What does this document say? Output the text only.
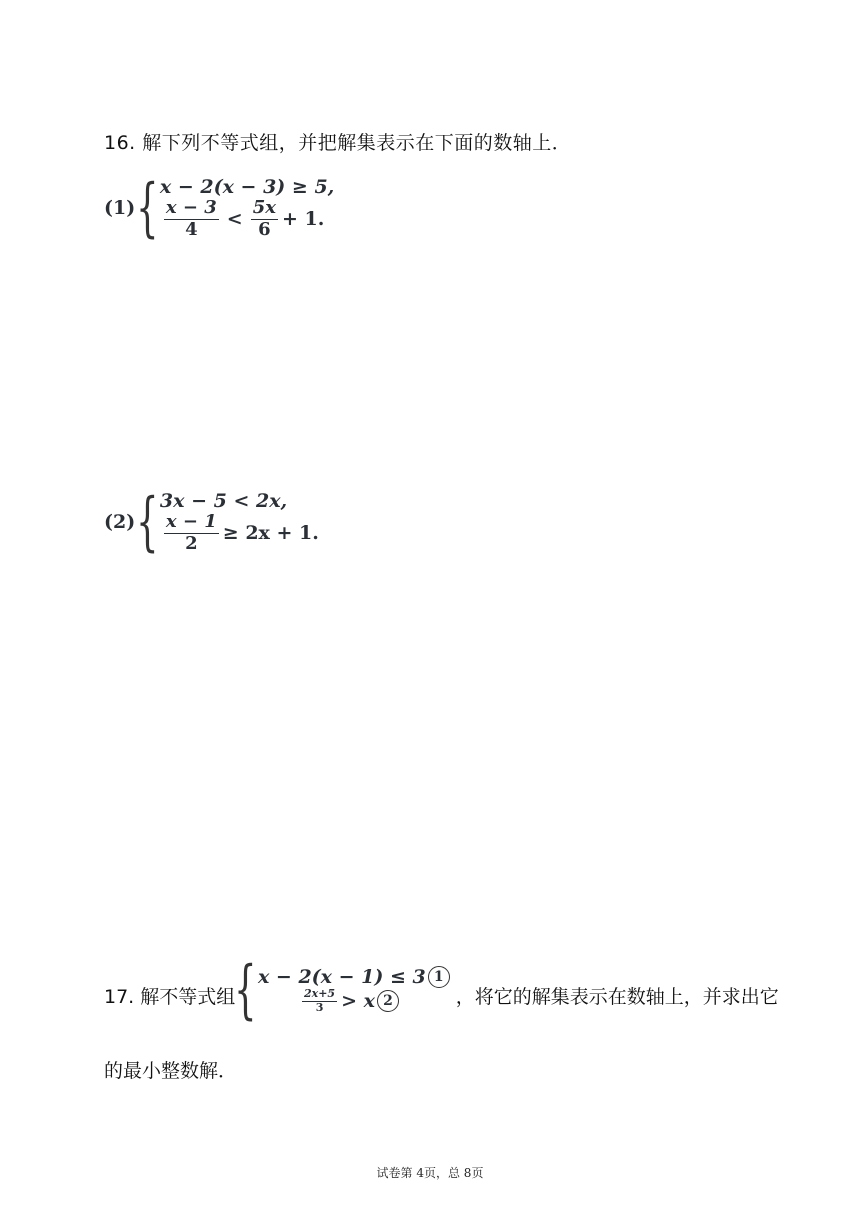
16. 解下列不等式组，并把解集表示在下面的数轴上．
(1) { x − 2(x − 3) ≥ 5,
$\frac{x - 3}{4} < \frac{5x}{6} + 1$.
(2) { 3x − 5 < 2x,
$\frac{x - 1}{2} \ge 2x + 1$.
17. 解不等式组 { x − 2(x − 1) ≤ 3 1
$\frac{2x+5}{3} > x$ 2	，将它的解集表示在数轴上，并求出它
的最小整数解．
试卷第 4页，总 8页
